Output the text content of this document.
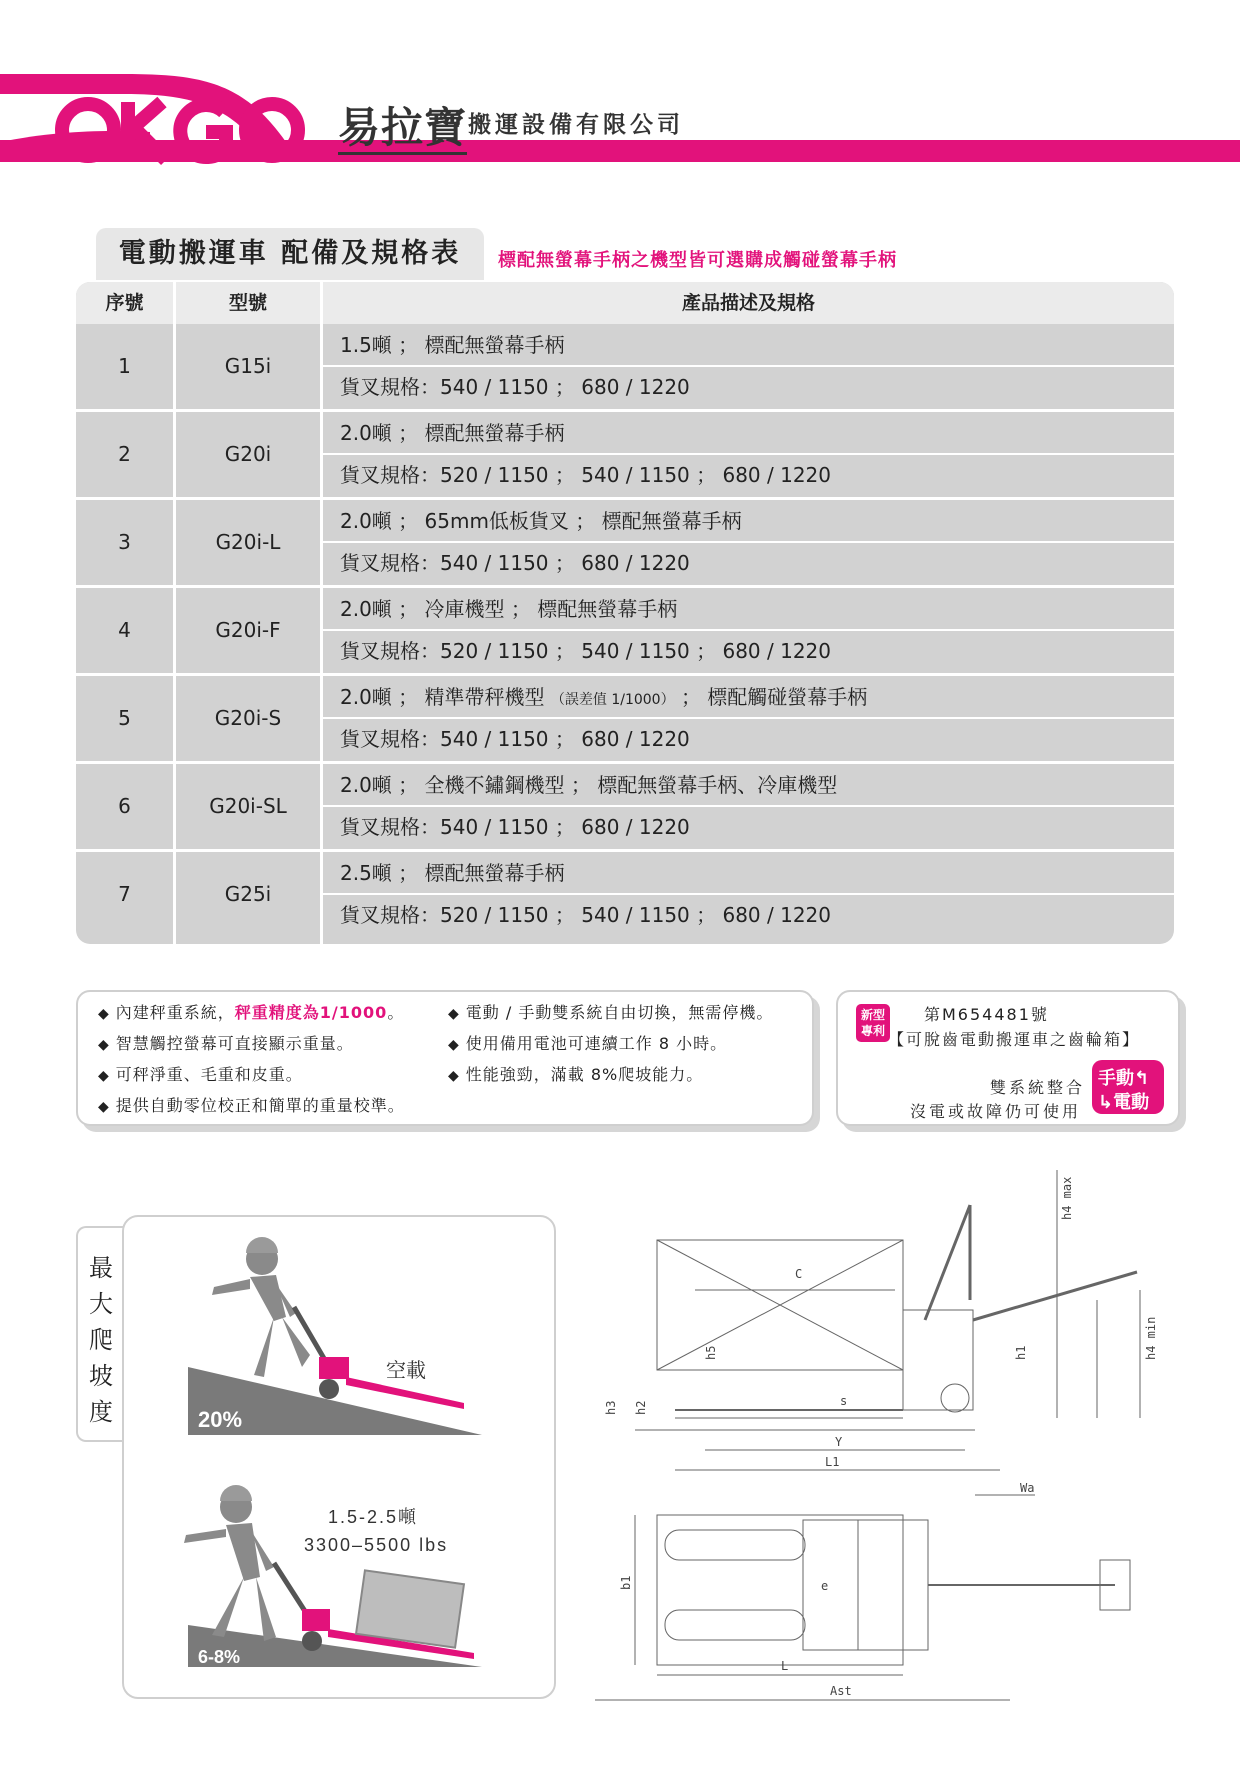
易拉寶 搬運設備有限公司
電動搬運車 配備及規格表	標配無螢幕手柄之機型皆可選購成觸碰螢幕手柄
序號	型號	產品描述及規格
1	G15i
1.5噸 ； 標配無螢幕手柄
貨叉規格：540 / 1150 ； 680 / 1220
2	G20i
2.0噸 ； 標配無螢幕手柄
貨叉規格：520 / 1150 ； 540 / 1150 ； 680 / 1220
3	G20i-L
2.0噸 ； 65mm低板貨叉 ； 標配無螢幕手柄
貨叉規格：540 / 1150 ； 680 / 1220
4	G20i-F
2.0噸 ； 冷庫機型 ； 標配無螢幕手柄
貨叉規格：520 / 1150 ； 540 / 1150 ； 680 / 1220
5	G20i-S
2.0噸 ； 精準帶秤機型 （誤差值 1/1000） ； 標配觸碰螢幕手柄
貨叉規格：540 / 1150 ； 680 / 1220
6	G20i-SL
2.0噸 ； 全機不鏽鋼機型 ； 標配無螢幕手柄、冷庫機型
貨叉規格：540 / 1150 ； 680 / 1220
7	G25i
2.5噸 ； 標配無螢幕手柄
貨叉規格：520 / 1150 ； 540 / 1150 ； 680 / 1220
◆ 內建秤重系統，秤重精度為1/1000。
◆ 智慧觸控螢幕可直接顯示重量。
◆ 可秤淨重、毛重和皮重。
◆ 提供自動零位校正和簡單的重量校準。
◆ 電動 / 手動雙系統自由切換，無需停機。
◆ 使用備用電池可連續工作 8 小時。
◆ 性能強勁，滿載 8%爬坡能力。
新型
專利
第M654481號
【可脫齒電動搬運車之齒輪箱】
雙系統整合
沒電或故障仍可使用
手動↰
↳電動
最
大
爬
坡
度	20%
空載
6-8%
1.5-2.5噸
3300–5500 lbs
C
h5	h1
h4 max
h4 min
h3 h2	s
Y
L1
Wa
b1	e
L
Ast
